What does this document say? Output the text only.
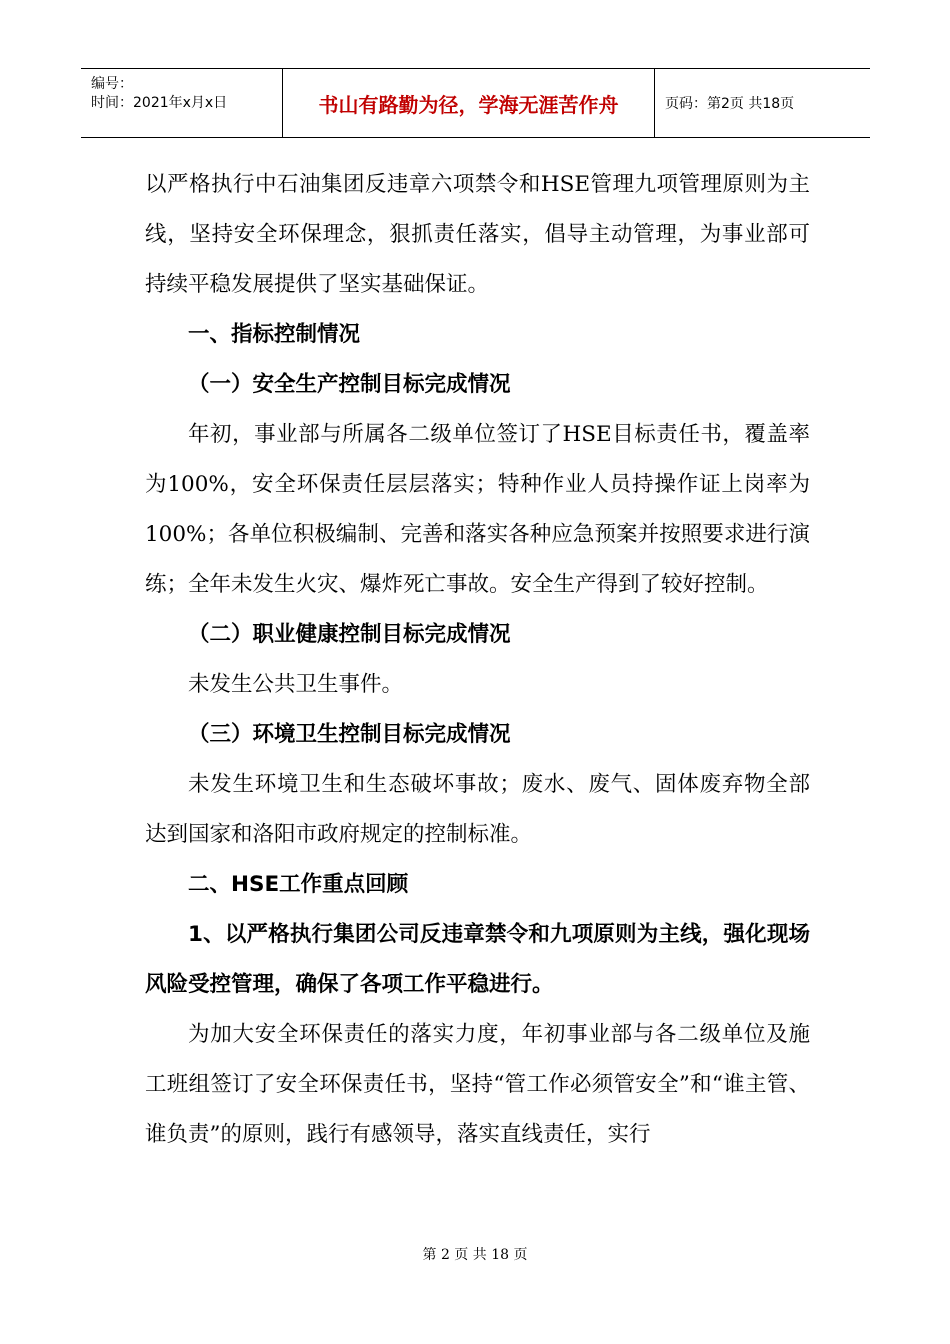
编号：
时间：2021年x月x日	书山有路勤为径，学海无涯苦作舟	页码：第2页 共18页

以严格执行中石油集团反违章六项禁令和HSE管理九项管理原则为主线，坚持安全环保理念，狠抓责任落实，倡导主动管理，为事业部可持续平稳发展提供了坚实基础保证。

一、指标控制情况

（一）安全生产控制目标完成情况

年初，事业部与所属各二级单位签订了HSE目标责任书，覆盖率为100%，安全环保责任层层落实；特种作业人员持操作证上岗率为100%；各单位积极编制、完善和落实各种应急预案并按照要求进行演练；全年未发生火灾、爆炸死亡事故。安全生产得到了较好控制。

（二）职业健康控制目标完成情况

未发生公共卫生事件。

（三）环境卫生控制目标完成情况

未发生环境卫生和生态破坏事故；废水、废气、固体废弃物全部达到国家和洛阳市政府规定的控制标准。

二、HSE工作重点回顾

1、以严格执行集团公司反违章禁令和九项原则为主线，强化现场风险受控管理，确保了各项工作平稳进行。

为加大安全环保责任的落实力度，年初事业部与各二级单位及施工班组签订了安全环保责任书，坚持“管工作必须管安全”和“谁主管、谁负责”的原则，践行有感领导，落实直线责任，实行

第 2 页 共 18 页
